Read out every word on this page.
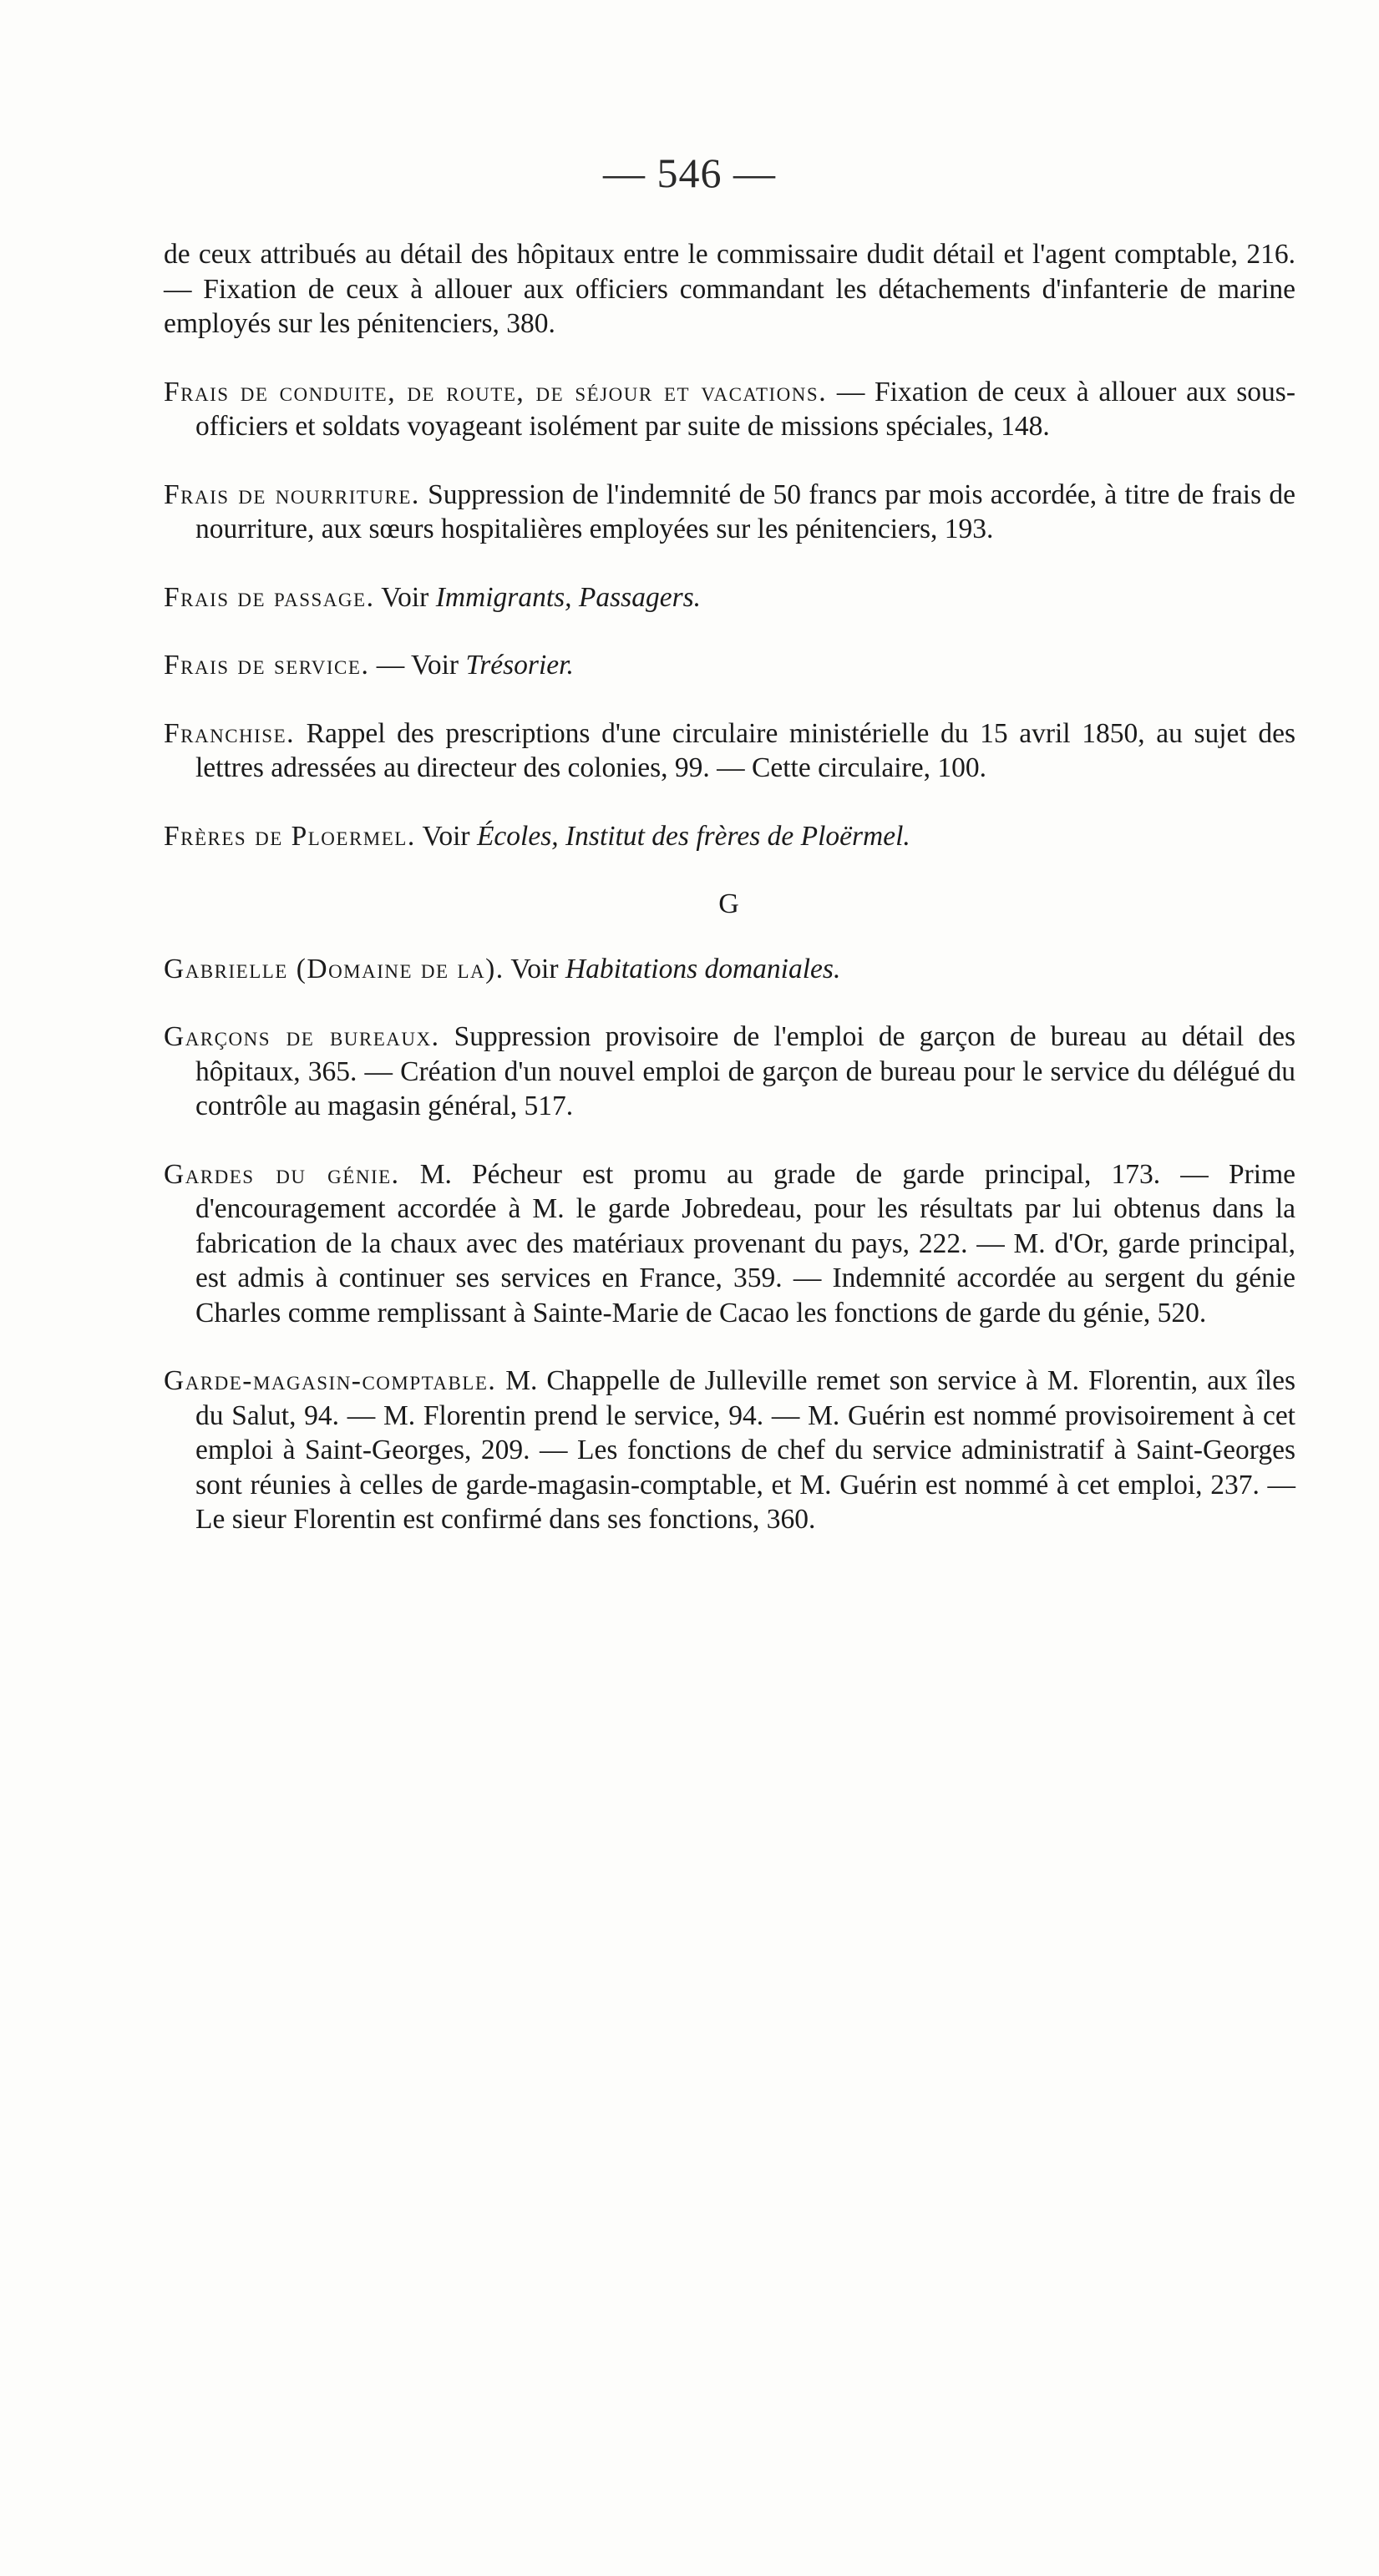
— 546 —

de ceux attribués au détail des hôpitaux entre le commissaire dudit détail et l'agent comptable, 216. — Fixation de ceux à allouer aux officiers commandant les détachements d'infanterie de marine employés sur les pénitenciers, 380.

Frais de conduite, de route, de séjour et vacations. — Fixation de ceux à allouer aux sous-officiers et soldats voyageant isolément par suite de missions spéciales, 148.

Frais de nourriture. Suppression de l'indemnité de 50 francs par mois accordée, à titre de frais de nourriture, aux sœurs hospitalières employées sur les pénitenciers, 193.

Frais de passage. Voir Immigrants, Passagers.

Frais de service. — Voir Trésorier.

Franchise. Rappel des prescriptions d'une circulaire ministérielle du 15 avril 1850, au sujet des lettres adressées au directeur des colonies, 99. — Cette circulaire, 100.

Frères de Ploermel. Voir Écoles, Institut des frères de Ploërmel.

G

Gabrielle (Domaine de la). Voir Habitations domaniales.

Garçons de bureaux. Suppression provisoire de l'emploi de garçon de bureau au détail des hôpitaux, 365. — Création d'un nouvel emploi de garçon de bureau pour le service du délégué du contrôle au magasin général, 517.

Gardes du génie. M. Pécheur est promu au grade de garde principal, 173. — Prime d'encouragement accordée à M. le garde Jobredeau, pour les résultats par lui obtenus dans la fabrication de la chaux avec des matériaux provenant du pays, 222. — M. d'Or, garde principal, est admis à continuer ses services en France, 359. — Indemnité accordée au sergent du génie Charles comme remplissant à Sainte-Marie de Cacao les fonctions de garde du génie, 520.

Garde-magasin-comptable. M. Chappelle de Julleville remet son service à M. Florentin, aux îles du Salut, 94. — M. Florentin prend le service, 94. — M. Guérin est nommé provisoirement à cet emploi à Saint-Georges, 209. — Les fonctions de chef du service administratif à Saint-Georges sont réunies à celles de garde-magasin-comptable, et M. Guérin est nommé à cet emploi, 237. — Le sieur Florentin est confirmé dans ses fonctions, 360.
